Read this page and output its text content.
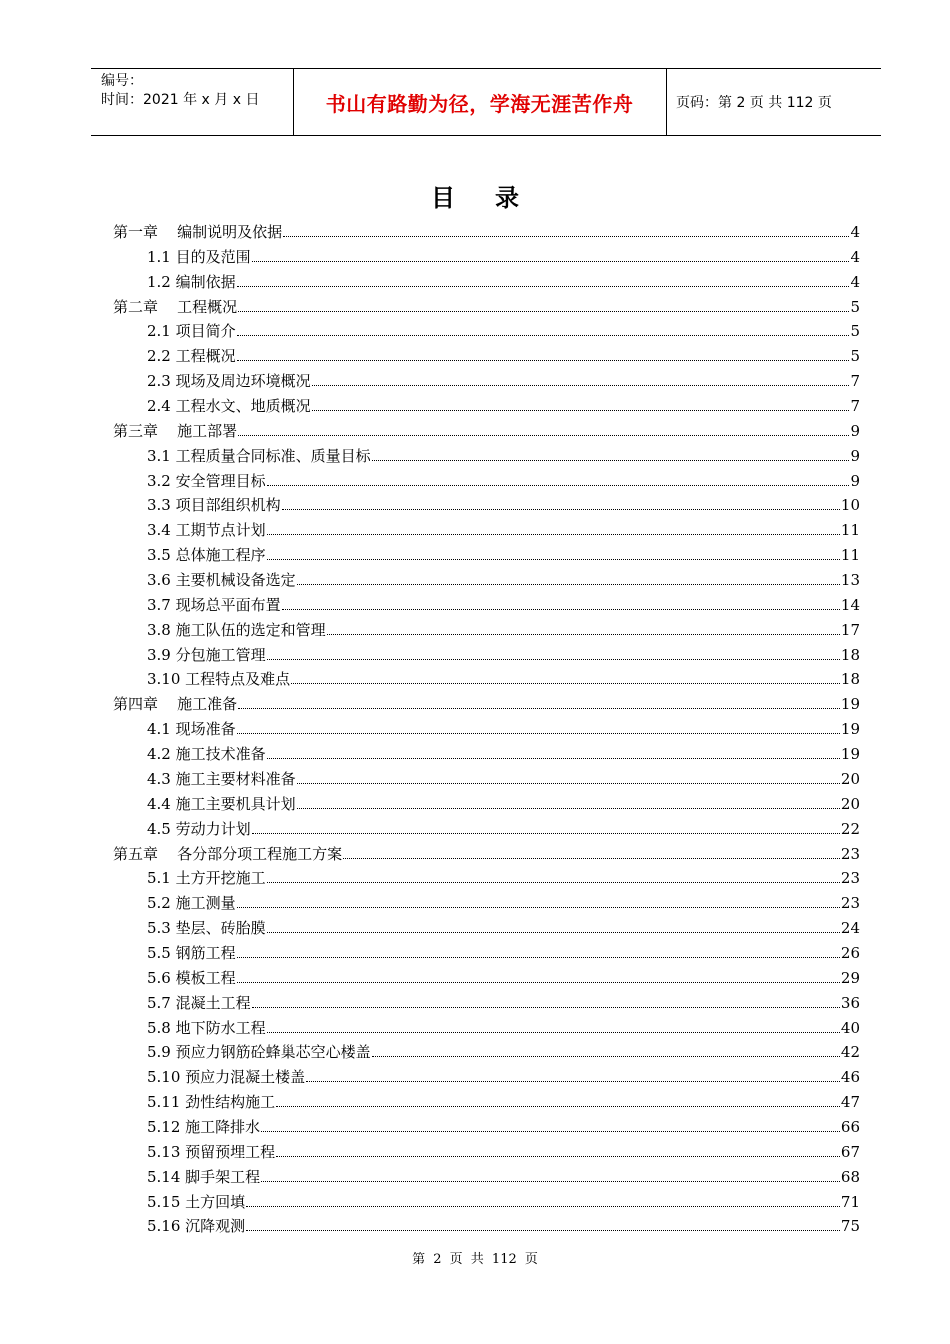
编号：
时间：2021 年 x 月 x 日	书山有路勤为径，学海无涯苦作舟	页码：第 2 页 共 112 页
目录
第一章    编制说明及依据	4
1.1 目的及范围	4
1.2 编制依据	4
第二章    工程概况	5
2.1 项目简介	5
2.2 工程概况	5
2.3 现场及周边环境概况	7
2.4 工程水文、地质概况	7
第三章    施工部署	9
3.1 工程质量合同标准、质量目标	9
3.2 安全管理目标	9
3.3 项目部组织机构	10
3.4 工期节点计划	11
3.5 总体施工程序	11
3.6 主要机械设备选定	13
3.7 现场总平面布置	14
3.8 施工队伍的选定和管理	17
3.9 分包施工管理	18
3.10 工程特点及难点	18
第四章    施工准备	19
4.1 现场准备	19
4.2 施工技术准备	19
4.3 施工主要材料准备	20
4.4 施工主要机具计划	20
4.5 劳动力计划	22
第五章    各分部分项工程施工方案	23
5.1 土方开挖施工	23
5.2 施工测量	23
5.3 垫层、砖胎膜	24
5.5 钢筋工程	26
5.6 模板工程	29
5.7 混凝土工程	36
5.8 地下防水工程	40
5.9 预应力钢筋砼蜂巢芯空心楼盖	42
5.10 预应力混凝土楼盖	46
5.11 劲性结构施工	47
5.12 施工降排水	66
5.13 预留预埋工程	67
5.14 脚手架工程	68
5.15 土方回填	71
5.16 沉降观测	75
第 2 页 共 112 页
